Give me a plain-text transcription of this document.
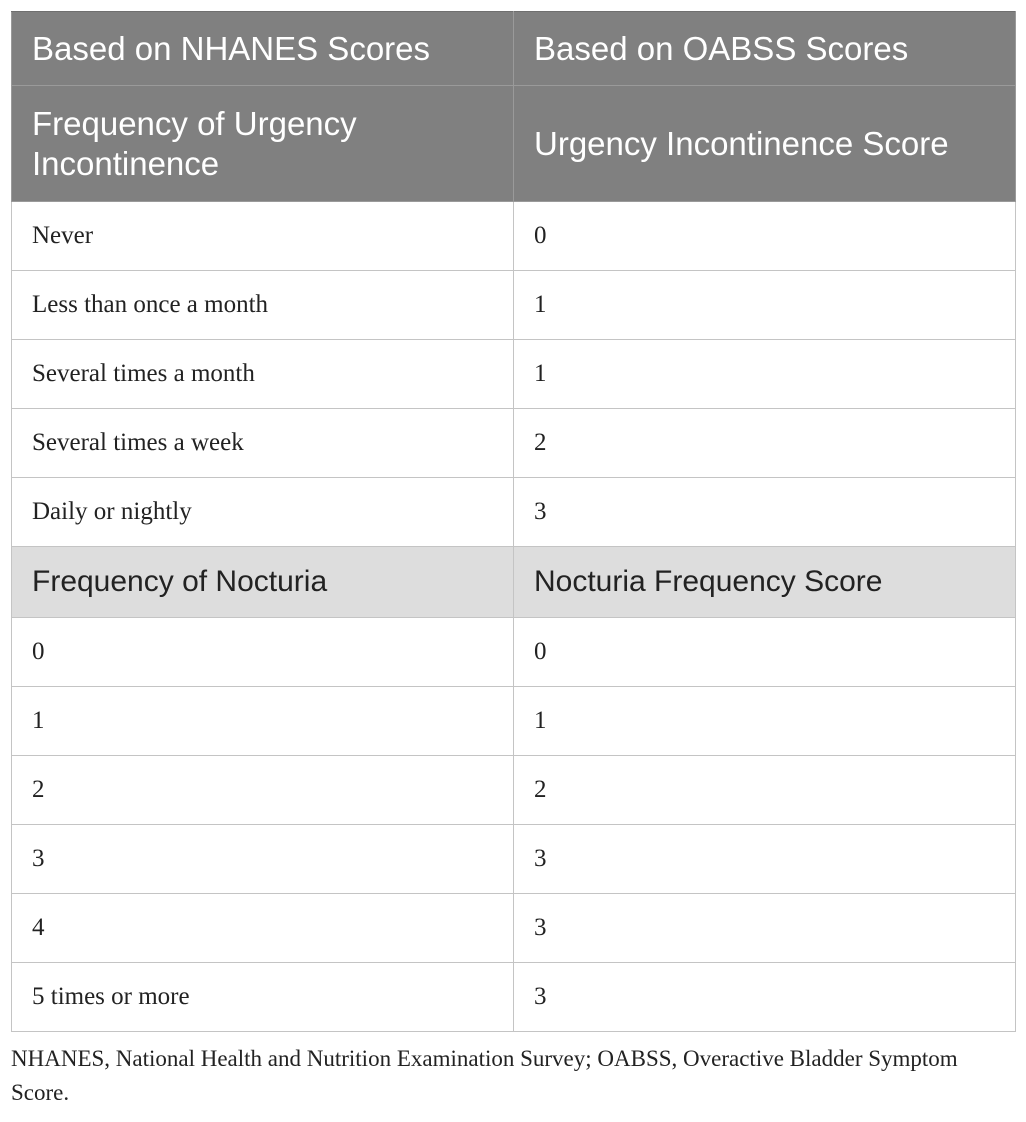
Based on NHANES Scores	Based on OABSS Scores
Frequency of Urgency Incontinence	Urgency Incontinence Score
Never	0
Less than once a month	1
Several times a month	1
Several times a week	2
Daily or nightly	3
Frequency of Nocturia	Nocturia Frequency Score
0	0
1	1
2	2
3	3
4	3
5 times or more	3
NHANES, National Health and Nutrition Examination Survey; OABSS, Overactive Bladder Symptom Score.
